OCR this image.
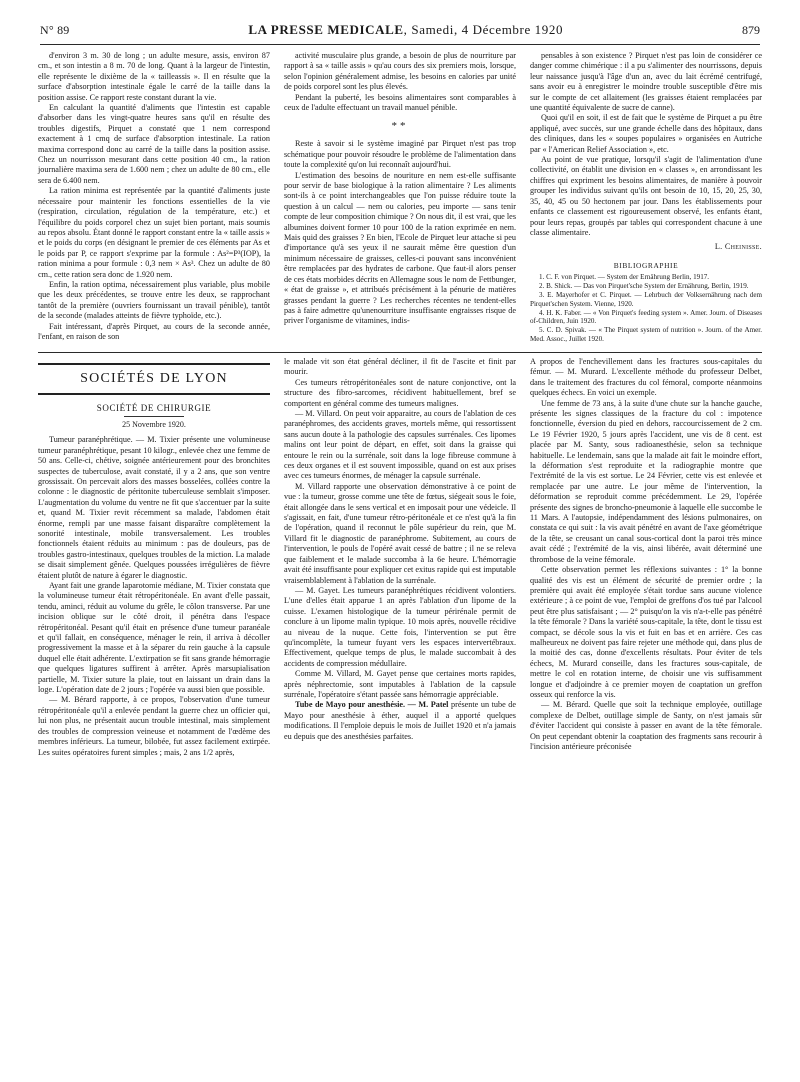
N° 89	LA PRESSE MEDICALE, Samedi, 4 Décembre 1920	879

d'environ 3 m. 30 de long ; un adulte mesure, assis, environ 87 cm., et son intestin a 8 m. 70 de long. Quant à la largeur de l'intestin, elle représente le dixième de la « tailleassis ». Il en résulte que la surface d'absorption intestinale égale le carré de la taille dans la position assise. Ce rapport reste constant durant la vie.

En calculant la quantité d'aliments que l'intestin est capable d'absorber dans les vingt-quatre heures sans qu'il en résulte des troubles digestifs, Pirquet a constaté que 1 nem correspond exactement à 1 cmq de surface d'absorption intestinale. La ration maxima correspond donc au carré de la taille dans la position assise. Chez un nourrisson mesurant dans cette position 40 cm., la ration journalière maxima sera de 1.600 nem ; chez un adulte de 80 cm., elle sera de 6.400 nem.

La ration minima est représentée par la quantité d'aliments juste nécessaire pour maintenir les fonctions essentielles de la vie (respiration, circulation, régulation de la température, etc.) et l'équilibre du poids corporel chez un sujet bien portant, mais soumis au repos absolu. Étant donné le rapport constant entre la « taille assis » et le poids du corps (en désignant le premier de ces éléments par As et le poids par P, ce rapport s'exprime par la formule : As²=P³(IOP), la ration minima a pour formule : 0,3 nem × As³. Chez un adulte de 80 cm., cette ration sera donc de 1.920 nem.

Enfin, la ration optima, nécessairement plus variable, plus mobile que les deux précédentes, se trouve entre les deux, se rapprochant tantôt de la première (ouvriers fournissant un travail pénible), tantôt de la seconde (malades atteints de fièvre typhoïde, etc.).

Fait intéressant, d'après Pirquet, au cours de la seconde année, l'enfant, en raison de son

activité musculaire plus grande, a besoin de plus de nourriture par rapport à sa « taille assis » qu'au cours des six premiers mois, lorsque, selon l'opinion généralement admise, les besoins en calories par unité de poids corporel sont les plus élevés.

Pendant la puberté, les besoins alimentaires sont comparables à ceux de l'adulte effectuant un travail manuel pénible.

**

Reste à savoir si le système imaginé par Pirquet n'est pas trop schématique pour pouvoir résoudre le problème de l'alimentation dans toute la complexité qu'on lui reconnaît aujourd'hui.

L'estimation des besoins de nouriture en nem est-elle suffisante pour servir de base biologique à la ration alimentaire ? Les aliments sont-ils à ce point interchangeables que l'on puisse réduire toute la question à un calcul — nem ou calories, peu importe — sans tenir compte de leur composition chimique ? On nous dit, il est vrai, que les albumines doivent former 10 pour 100 de la ration exprimée en nem. Mais quid des graisses ? En bien, l'Ecole de Pirquet leur attache si peu d'importance qu'à ses yeux il ne saurait même être question d'un minimum nécessaire de graisses, celles-ci pouvant sans inconvénient être remplacées par des hydrates de carbone. Que faut-il alors penser de ces états morbides décrits en Allemagne sous le nom de Fettbunger, « état de graisse », et attribués précisément à la pénurie de matières grasses pendant la guerre ? Les recherches récentes ne tendent-elles pas à faire admettre qu'unenourriture insuffisante engraisses risque de priver l'organisme de vitamines, indis-

pensables à son existence ? Pirquet n'est pas loin de considérer ce danger comme chimérique : il a pu s'alimenter des nourrissons, depuis leur naissance jusqu'à l'âge d'un an, avec du lait écrémé centrifugé, sans avoir eu à enregistrer le moindre trouble susceptible d'être mis sur le compte de cet allaitement (les graisses étaient remplacées par une quantité équivalente de sucre de canne).

Quoi qu'il en soit, il est de fait que le système de Pirquet a pu être appliqué, avec succès, sur une grande échelle dans des hôpitaux, dans des cliniques, dans les « soupes populaires » organisées en Autriche par « l'American Relief Association », etc.

Au point de vue pratique, lorsqu'il s'agit de l'alimentation d'une collectivité, on établit une division en « classes », en arrondissant les chiffres qui expriment les besoins alimentaires, de manière à pouvoir grouper les individus suivant qu'ils ont besoin de 10, 15, 20, 25, 30, 35, 40, 45 ou 50 hectonem par jour. Dans les établissements pour enfants ce classement est rigoureusement observé, les enfants étant, pour leurs repas, groupés par tables qui correspondent chacune à une classe alimentaire.

L. Cheinisse.
BIBLIOGRAPHIE

1. C. F. von Pirquet. — System der Ernährung Berlin, 1917.

2. B. Shick. — Das von Pirquet'sche System der Ernährung, Berlin, 1919.

3. E. Mayerhofer et C. Pirquet. — Lehrbuch der Volksernährung nach dem Pirquet'schen System. Vienne, 1920.

4. H. K. Faber. — « Von Pirquet's feeding system ». Amer. Journ. of Diseases of-Children, Juin 1920.

5. C. D. Spivak. — « The Pirquet system of nutrition ». Journ. of the Amer. Med. Assoc., Juillet 1920.

SOCIÉTÉS DE LYON
SOCIÉTÉ DE CHIRURGIE
25 Novembre 1920.

Tumeur paranéphrétique. — M. Tixier présente une volumineuse tumeur paranéphrétique, pesant 10 kilogr., enlevée chez une femme de 50 ans. Celle-ci, chétive, soignée antérieurement pour des bronchites suspectes de tuberculose, avait constaté, il y a 2 ans, que son ventre grossissait. On percevait alors des masses bosselées, collées contre la colonne : le diagnostic de péritonite tuberculeuse semblait s'imposer. L'augmentation du volume du ventre ne fit que s'accentuer par la suite et, quand M. Tixier revit récemment sa malade, l'abdomen était énorme, rempli par une masse faisant disparaître complètement la sonorité intestinale, mobile transversalement. Les troubles fonctionnels étaient réduits au minimum : pas de douleurs, pas de troubles gastro-intestinaux, quelques troubles de la miction. La malade se disait simplement gênée. Quelques poussées irrégulières de fièvre étaient plutôt de nature à égarer le diagnostic.

Ayant fait une grande laparotomie médiane, M. Tixier constata que la volumineuse tumeur était rétropéritonéale. En avant d'elle passait, tendu, aminci, réduit au volume du grêle, le côlon transverse. Par une incision oblique sur le côté droit, il pénétra dans l'espace rétropéritonéal. Pesant qu'il était en présence d'une tumeur paranéale et qu'il fallait, en conséquence, ménager le rein, il arriva à décoller progressivement la masse et à la séparer du rein gauche à la capsule duquel elle était adhérente. L'extirpation se fit sans grande hémorragie que quelques ligatures suffirent à arrêter. Après marsupialisation partielle, M. Tixier suture la plaie, tout en laissant un drain dans la loge. L'opération date de 2 jours ; l'opérée va aussi bien que possible.

— M. Bérard rapporte, à ce propos, l'observation d'une tumeur rétropéritonéale qu'il a enlevée pendant la guerre chez un officier qui, lui non plus, ne présentait aucun trouble intestinal, mais simplement des troubles de compression veineuse et notamment de l'œdème des membres inférieurs. La tumeur, bilobée, fut assez facilement extirpée. Les suites opératoires furent simples ; mais, 2 ans 1/2 après,

le malade vit son état général décliner, il fit de l'ascite et finit par mourir.

Ces tumeurs rétropéritonéales sont de nature conjonctive, ont la structure des fibro-sarcomes, récidivent habituellement, bref se comportent en général comme des tumeurs malignes.

— M. Villard. On peut voir apparaitre, au cours de l'ablation de ces paranéphromes, des accidents graves, mortels même, qui ressortissent sans aucun doute à la pathologie des capsules surrénales. Ces lipomes malins ont leur point de départ, en effet, soit dans la graisse qui entoure le rein ou la surrénale, soit dans la loge fibreuse commune à ces deux organes et il est souvent impossible, quand on est aux prises avec ces tumeurs énormes, de ménager la capsule surrénale.

M. Villard rapporte une observation démonstrative à ce point de vue : la tumeur, grosse comme une tête de fœtus, siégeait sous le foie, était allongée dans le sens vertical et en imposait pour une védeicle. Il s'agissait, en fait, d'une tumeur rétro-péritonéale et ce n'est qu'à la fin de l'opération, quand il reconnut le pôle supérieur du rein, que M. Villard fit le diagnostic de paranéphrome. Subitement, au cours de l'intervention, le pouls de l'opéré avait cessé de battre ; il ne se releva que faiblement et le malade succomba à la 6e heure. L'hémorragie avait été insuffisante pour expliquer cet exitus rapide qui est imputable vraisemblablement à l'ablation de la surrénale.

— M. Gayet. Les tumeurs paranéphrétiques récidivent volontiers. L'une d'elles était apparue 1 an après l'ablation d'un lipome de la cuisse. L'examen histologique de la tumeur périrénale permit de conclure à un lipome malin typique. 10 mois après, nouvelle récidive au niveau de la nuque. Cette fois, l'intervention se put être qu'incomplète, la tumeur fuyant vers les espaces intervertébraux. Effectivement, quelque temps de plus, le malade succombait à des accidents de compression médullaire.

Comme M. Villard, M. Gayet pense que certaines morts rapides, après néphrectomie, sont imputables à l'ablation de la capsule surrénale, l'opératoire s'étant passée sans hémorragie appréciable.

Tube de Mayo pour anesthésie. — M. Patel présente un tube de Mayo pour anesthésie à éther, auquel il a apporté quelques modifications. Il l'emploie depuis le mois de Juillet 1920 et n'a jamais eu depuis que des anesthésies parfaites.

A propos de l'enchevillement dans les fractures sous-capitales du fémur. — M. Murard. L'excellente méthode du professeur Delbet, dans le traitement des fractures du col fémoral, comporte néanmoins quelques échecs. En voici un exemple.

Une femme de 73 ans, à la suite d'une chute sur la hanche gauche, présente les signes classiques de la fracture du col : impotence fonctionnelle, éversion du pied en dehors, raccourcissement de 2 cm. Le 19 Février 1920, 5 jours après l'accident, une vis de 8 cent. est placée par M. Santy, sous radioanesthésie, selon sa technique habituelle. Le lendemain, sans que la malade ait fait le moindre effort, la déformation s'est reproduite et la radiographie montre que l'extrémité de la vis est sortue. Le 24 Février, cette vis est enlevée et remplacée par une autre. Le jour même de l'intervention, la déformation se reproduit comme précédemment. Le 29, l'opérée présente des signes de broncho-pneumonie à laquelle elle succombe le 11 Mars. A l'autopsie, indépendamment des lésions pulmonaires, on constata ce qui suit : la vis avait pénétré en avant de l'axe géométrique de la tête, se creusant un canal sous-cortical dont la paroi très mince avait cédé ; l'extrémité de la vis, ainsi libérée, avait déterminé une thrombose de la veine fémorale.

Cette observation permet les réflexions suivantes : 1° la bonne qualité des vis est un élément de sécurité de premier ordre ; la première qui avait été employée s'était tordue sans aucune violence extérieure ; à ce point de vue, l'emploi de greffons d'os tué par l'alcool peut être plus satisfaisant ; — 2° puisqu'on la vis n'a-t-elle pas pénétré la tête fémorale ? Dans la variété sous-capitale, la tête, dont le tissu est compact, se décole sous la vis et fuit en bas et en arrière. Ces cas malheureux ne doivent pas faire rejeter une méthode qui, dans plus de la moitié des cas, donne d'excellents résultats. Pour éviter de tels échecs, M. Murard conseille, dans les fractures sous-capitale, de mettre le col en rotation interne, de choisir une vis suffisamment longue et d'adjoindre à ce premier moyen de coaptation un greffon osseux qui renforce la vis.

— M. Bérard. Quelle que soit la technique employée, outillage complexe de Delbet, outillage simple de Santy, on n'est jamais sûr d'éviter l'accident qui consiste à passer en avant de la tête fémorale. On peut cependant obtenir la coaptation des fragments sans recourir à l'incision antérieure préconisée
